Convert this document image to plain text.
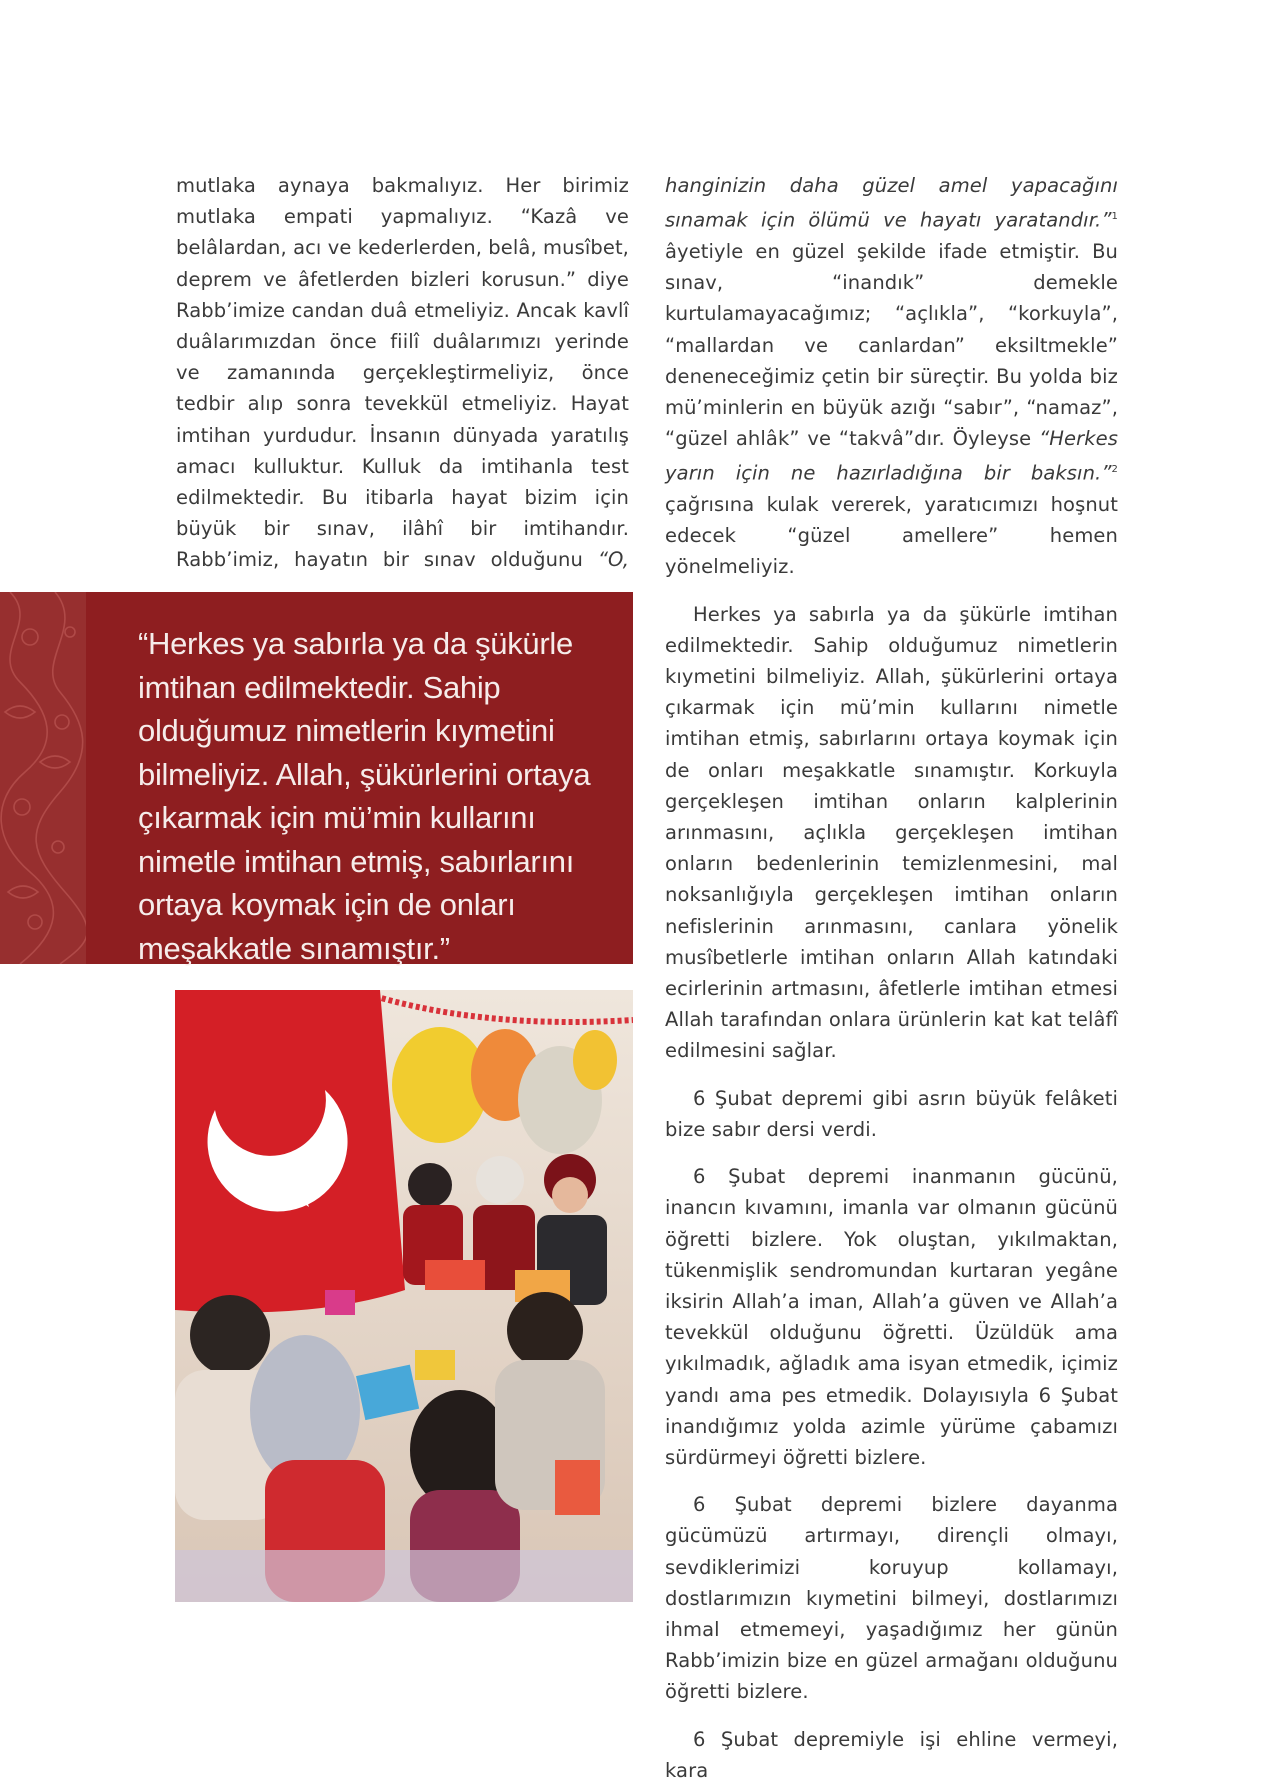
mutlaka aynaya bakmalıyız. Her birimiz mutlaka empati yapmalıyız. “Kazâ ve belâlardan, acı ve kederlerden, belâ, musîbet, deprem ve âfetlerden bizleri korusun.” diye Rabb’imize candan duâ etmeliyiz. Ancak kavlî duâlarımızdan önce fiilî duâlarımızı yerinde ve zamanında gerçekleştirmeliyiz, önce tedbir alıp sonra tevekkül etmeliyiz. Hayat imtihan yurdudur. İnsanın dünyada yaratılış amacı kulluktur. Kulluk da imtihanla test edilmektedir. Bu itibarla hayat bizim için büyük bir sınav, ilâhî bir imtihandır. Rabb’imiz, hayatın bir sınav olduğunu “O,

“Herkes ya sabırla ya da şükürle imtihan edilmektedir. Sahip olduğumuz nimetlerin kıymetini bilmeliyiz. Allah, şükürlerini ortaya çıkarmak için mü’min kullarını nimetle imtihan etmiş, sabırlarını ortaya koymak için de onları meşakkatle sınamıştır.”

hanginizin daha güzel amel yapacağını sınamak için ölümü ve hayatı yaratandır.”$^1$ âyetiyle en güzel şekilde ifade etmiştir. Bu sınav, “inandık” demekle kurtulamayacağımız; “açlıkla”, “korkuyla”, “mallardan ve canlardan” eksiltmekle” deneneceğimiz çetin bir süreçtir. Bu yolda biz mü’minlerin en büyük azığı “sabır”, “namaz”, “güzel ahlâk” ve “takvâ”dır. Öyleyse “Herkes yarın için ne hazırladığına bir baksın.”$^2$ çağrısına kulak vererek, yaratıcımızı hoşnut edecek “güzel amellere” hemen yönelmeliyiz.

Herkes ya sabırla ya da şükürle imtihan edilmektedir. Sahip olduğumuz nimetlerin kıymetini bilmeliyiz. Allah, şükürlerini ortaya çıkarmak için mü’min kullarını nimetle imtihan etmiş, sabırlarını ortaya koymak için de onları meşakkatle sınamıştır. Korkuyla gerçekleşen imtihan onların kalplerinin arınmasını, açlıkla gerçekleşen imtihan onların bedenlerinin temizlenmesini, mal noksanlığıyla gerçekleşen imtihan onların nefislerinin arınmasını, canlara yönelik musîbetlerle imtihan onların Allah katındaki ecirlerinin artmasını, âfetlerle imtihan etmesi Allah tarafından onlara ürünlerin kat kat telâfî edilmesini sağlar.

6 Şubat depremi gibi asrın büyük felâketi bize sabır dersi verdi.

6 Şubat depremi inanmanın gücünü, inancın kıvamını, imanla var olmanın gücünü öğretti bizlere. Yok oluştan, yıkılmaktan, tükenmişlik sendromundan kurtaran yegâne iksirin Allah’a iman, Allah’a güven ve Allah’a tevekkül olduğunu öğretti. Üzüldük ama yıkılmadık, ağladık ama isyan etmedik, içimiz yandı ama pes etmedik. Dolayısıyla 6 Şubat inandığımız yolda azimle yürüme çabamızı sürdürmeyi öğretti bizlere.

6 Şubat depremi bizlere dayanma gücümüzü artırmayı, dirençli olmayı, sevdiklerimizi koruyup kollamayı, dostlarımızın kıymetini bilmeyi, dostlarımızı ihmal etmemeyi, yaşadığımız her günün Rabb’imizin bize en güzel armağanı olduğunu öğretti bizlere.

6 Şubat depremiyle işi ehline vermeyi, kara
